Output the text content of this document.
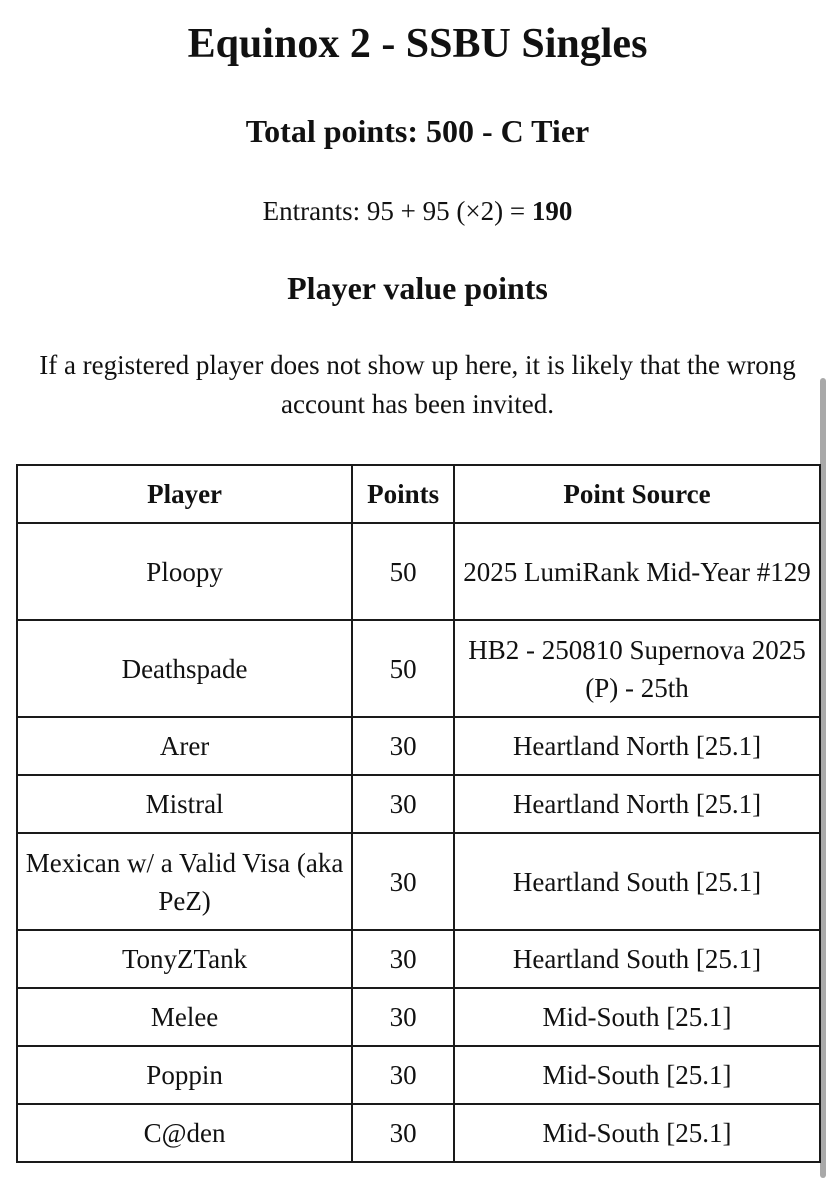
Equinox 2 - SSBU Singles
Total points: 500 - C Tier
Entrants: 95 + 95 (×2) = 190
Player value points
If a registered player does not show up here, it is likely that the wrong account has been invited.
Player	Points	Point Source
Ploopy	50	2025 LumiRank Mid-Year #129
Deathspade	50	HB2 - 250810 Supernova 2025 (P) - 25th
Arer	30	Heartland North [25.1]
Mistral	30	Heartland North [25.1]
Mexican w/ a Valid Visa (aka PeZ)	30	Heartland South [25.1]
TonyZTank	30	Heartland South [25.1]
Melee	30	Mid-South [25.1]
Poppin	30	Mid-South [25.1]
C@den	30	Mid-South [25.1]
